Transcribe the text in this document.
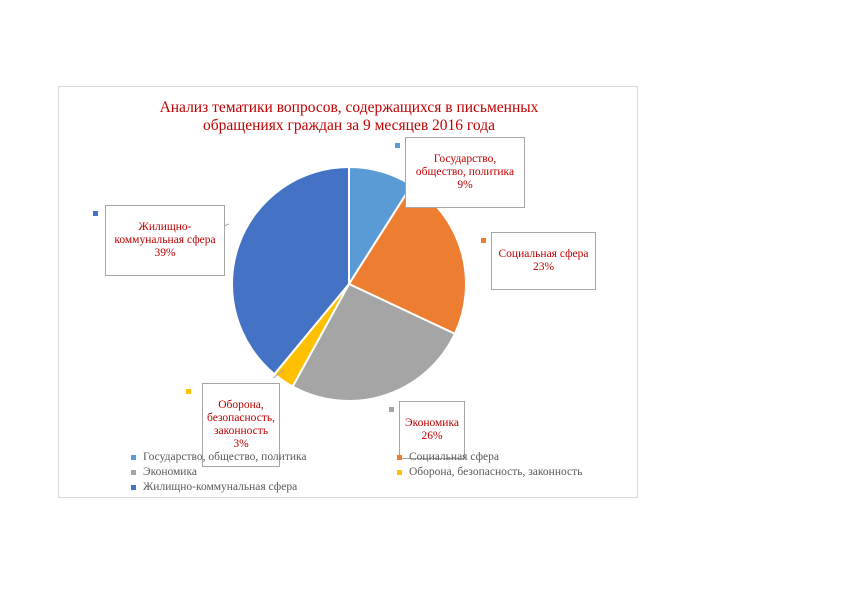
Анализ тематики вопросов, содержащихся в письменных
обращениях граждан за 9 месяцев 2016 года

Государство,
общество, политика

9%

Социальная сфера

23%

Экономика

26%

Оборона,
безопасность,
законность

3%

Жилищно-
коммунальная сфера

39%

Государство, общество, политика	Социальная сфера
Экономика	Оборона, безопасность, законность
Жилищно-коммунальная сфера
